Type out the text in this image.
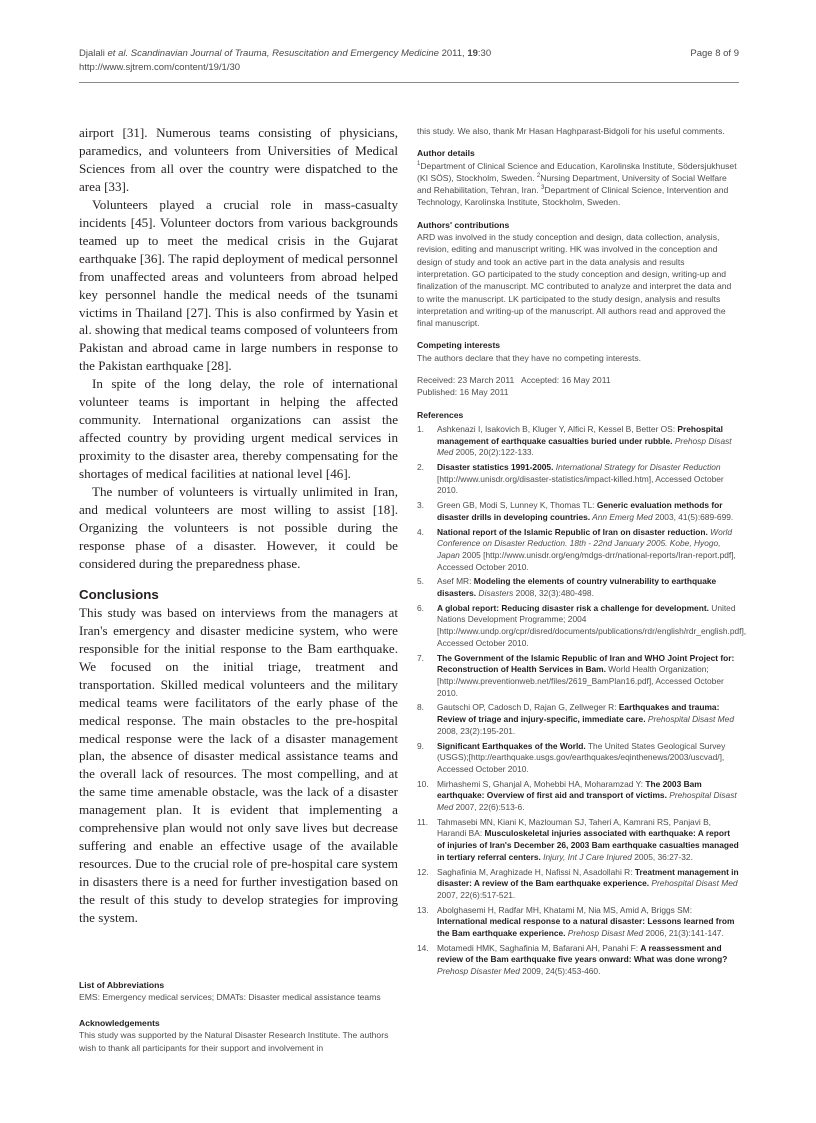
Djalali et al. Scandinavian Journal of Trauma, Resuscitation and Emergency Medicine 2011, 19:30
http://www.sjtrem.com/content/19/1/30
Page 8 of 9

airport [31]. Numerous teams consisting of physicians, paramedics, and volunteers from Universities of Medical Sciences from all over the country were dispatched to the area [33].

Volunteers played a crucial role in mass-casualty incidents [45]. Volunteer doctors from various backgrounds teamed up to meet the medical crisis in the Gujarat earthquake [36]. The rapid deployment of medical personnel from unaffected areas and volunteers from abroad helped key personnel handle the medical needs of the tsunami victims in Thailand [27]. This is also confirmed by Yasin et al. showing that medical teams composed of volunteers from Pakistan and abroad came in large numbers in response to the Pakistan earthquake [28].

In spite of the long delay, the role of international volunteer teams is important in helping the affected community. International organizations can assist the affected country by providing urgent medical services in proximity to the disaster area, thereby compensating for the shortages of medical facilities at national level [46].

The number of volunteers is virtually unlimited in Iran, and medical volunteers are most willing to assist [18]. Organizing the volunteers is not possible during the response phase of a disaster. However, it could be considered during the preparedness phase.

Conclusions

This study was based on interviews from the managers at Iran's emergency and disaster medicine system, who were responsible for the initial response to the Bam earthquake. We focused on the initial triage, treatment and transportation. Skilled medical volunteers and the military medical teams were facilitators of the early phase of the medical response. The main obstacles to the pre-hospital medical response were the lack of a disaster management plan, the absence of disaster medical assistance teams and the overall lack of resources. The most compelling, and at the same time amenable obstacle, was the lack of a disaster management plan. It is evident that implementing a comprehensive plan would not only save lives but decrease suffering and enable an effective usage of the available resources. Due to the crucial role of pre-hospital care system in disasters there is a need for further investigation based on the result of this study to develop strategies for improving the system.

List of Abbreviations

EMS: Emergency medical services; DMATs: Disaster medical assistance teams

Acknowledgements

This study was supported by the Natural Disaster Research Institute. The authors wish to thank all participants for their support and involvement in

this study. We also, thank Mr Hasan Haghparast-Bidgoli for his useful comments.

Author details

$^1$Department of Clinical Science and Education, Karolinska Institute, Södersjukhuset (KI SÖS), Stockholm, Sweden. $^2$Nursing Department, University of Social Welfare and Rehabilitation, Tehran, Iran. $^3$Department of Clinical Science, Intervention and Technology, Karolinska Institute, Stockholm, Sweden.

Authors' contributions

ARD was involved in the study conception and design, data collection, analysis, revision, editing and manuscript writing. HK was involved in the conception and design of study and took an active part in the data analysis and results interpretation. GO participated to the study conception and design, writing-up and finalization of the manuscript. MC contributed to analyze and interpret the data and to write the manuscript. LK participated to the study design, analysis and results interpretation and writing-up of the manuscript. All authors read and approved the final manuscript.

Competing interests

The authors declare that they have no competing interests.

Received: 23 March 2011   Accepted: 16 May 2011

Published: 16 May 2011

References
1. Ashkenazi I, Isakovich B, Kluger Y, Alfici R, Kessel B, Better OS: Prehospital management of earthquake casualties buried under rubble. Prehosp Disast Med 2005, 20(2):122-133.
2. Disaster statistics 1991-2005. International Strategy for Disaster Reduction [http://www.unisdr.org/disaster-statistics/impact-killed.htm], Accessed October 2010.
3. Green GB, Modi S, Lunney K, Thomas TL: Generic evaluation methods for disaster drills in developing countries. Ann Emerg Med 2003, 41(5):689-699.
4. National report of the Islamic Republic of Iran on disaster reduction. World Conference on Disaster Reduction. 18th - 22nd January 2005. Kobe, Hyogo, Japan 2005 [http://www.unisdr.org/eng/mdgs-drr/national-reports/Iran-report.pdf], Accessed October 2010.
5. Asef MR: Modeling the elements of country vulnerability to earthquake disasters. Disasters 2008, 32(3):480-498.
6. A global report: Reducing disaster risk a challenge for development. United Nations Development Programme; 2004 [http://www.undp.org/cpr/disred/documents/publications/rdr/english/rdr_english.pdf], Accessed October 2010.
7. The Government of the Islamic Republic of Iran and WHO Joint Project for: Reconstruction of Health Services in Bam. World Health Organization;[http://www.preventionweb.net/files/2619_BamPlan16.pdf], Accessed October 2010.
8. Gautschi OP, Cadosch D, Rajan G, Zellweger R: Earthquakes and trauma: Review of triage and injury-specific, immediate care. Prehospital Disast Med 2008, 23(2):195-201.
9. Significant Earthquakes of the World. The United States Geological Survey (USGS);[http://earthquake.usgs.gov/earthquakes/eqinthenews/2003/uscvad/], Accessed October 2010.
10. Mirhashemi S, Ghanjal A, Mohebbi HA, Moharamzad Y: The 2003 Bam earthquake: Overview of first aid and transport of victims. Prehospital Disast Med 2007, 22(6):513-6.
11. Tahmasebi MN, Kiani K, Mazlouman SJ, Taheri A, Kamrani RS, Panjavi B, Harandi BA: Musculoskeletal injuries associated with earthquake: A report of injuries of Iran's December 26, 2003 Bam earthquake casualties managed in tertiary referral centers. Injury, Int J Care Injured 2005, 36:27-32.
12. Saghafinia M, Araghizade H, Nafissi N, Asadollahi R: Treatment management in disaster: A review of the Bam earthquake experience. Prehospital Disast Med 2007, 22(6):517-521.
13. Abolghasemi H, Radfar MH, Khatami M, Nia MS, Amid A, Briggs SM: International medical response to a natural disaster: Lessons learned from the Bam earthquake experience. Prehosp Disast Med 2006, 21(3):141-147.
14. Motamedi HMK, Saghafinia M, Bafarani AH, Panahi F: A reassessment and review of the Bam earthquake five years onward: What was done wrong? Prehosp Disaster Med 2009, 24(5):453-460.
